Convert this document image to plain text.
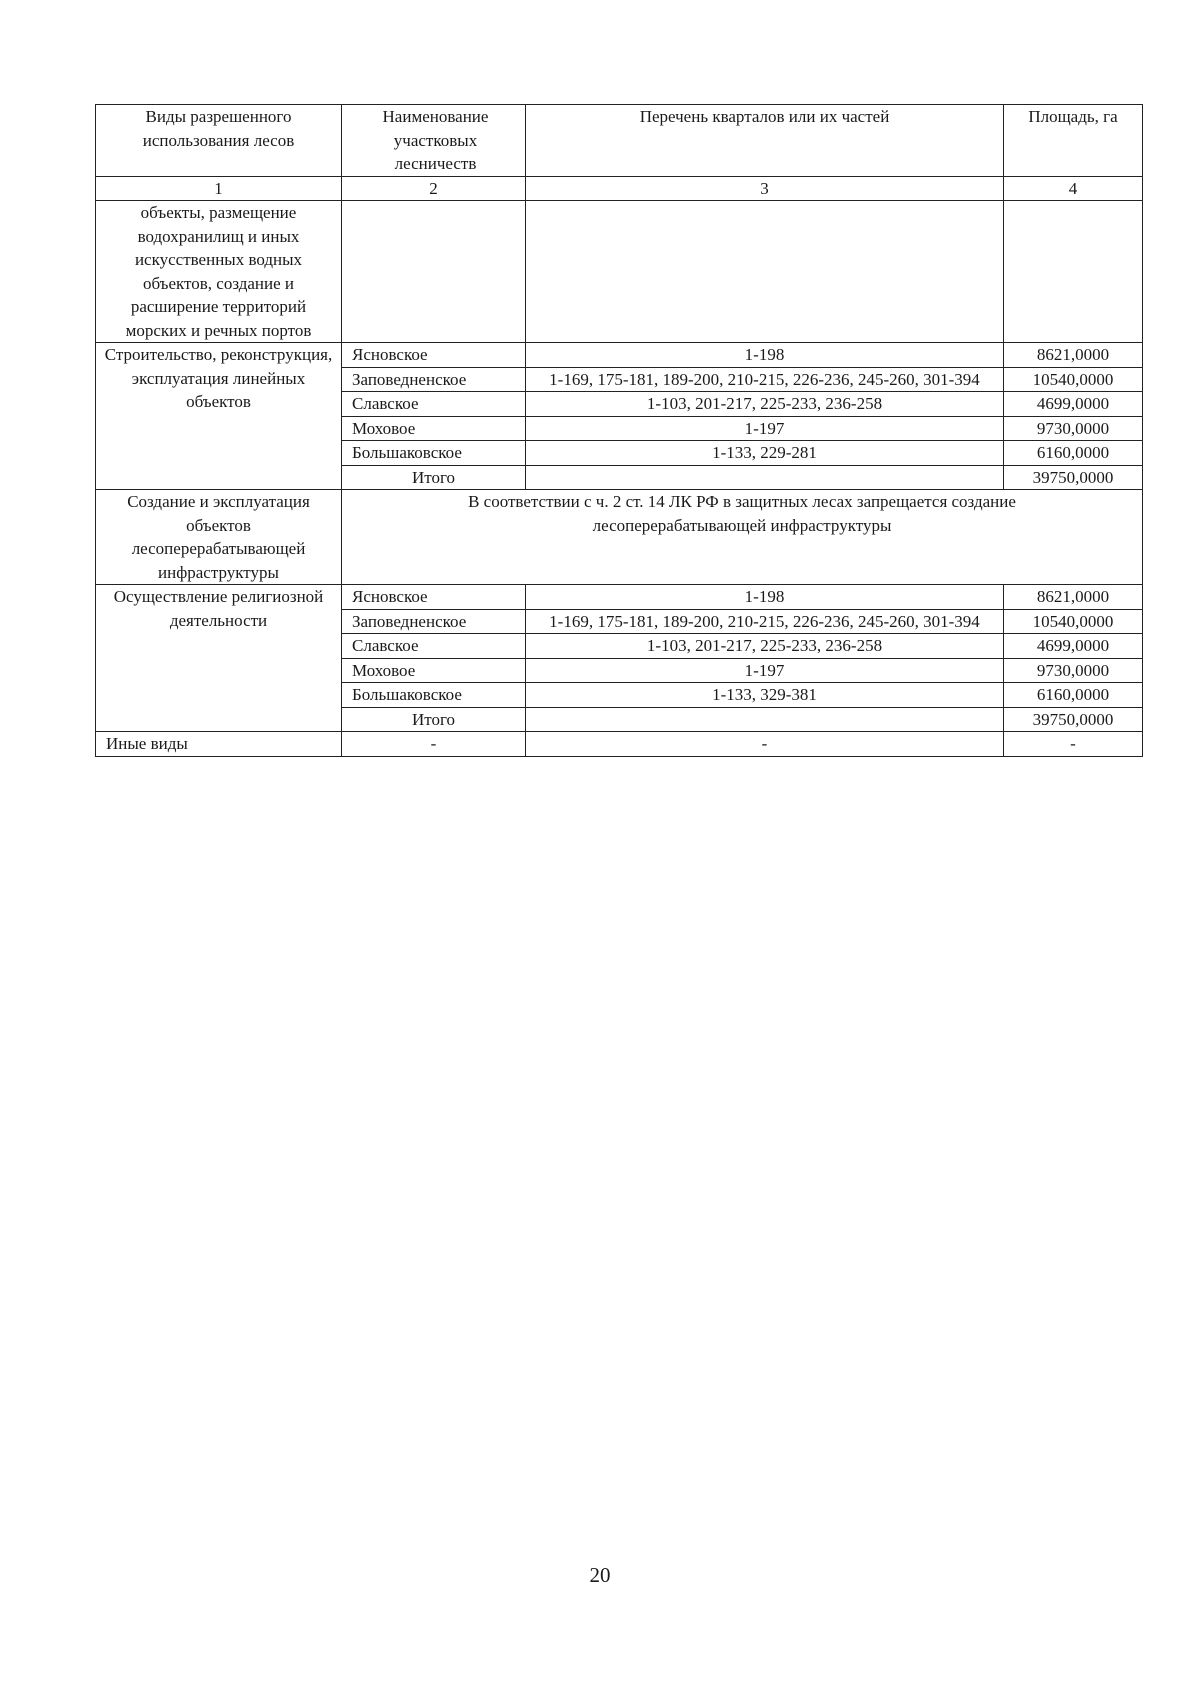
Виды разрешенного использования лесов	Наименование участковых лесничеств	Перечень кварталов или их частей	Площадь, га
1	2	3	4
объекты, размещение водохранилищ и иных искусственных водных объектов, создание и расширение территорий морских и речных портов			
Строительство, реконструкция, эксплуатация линейных объектов	Ясновское	1-198	8621,0000
	Заповедненское	1-169, 175-181, 189-200, 210-215, 226-236, 245-260, 301-394	10540,0000
	Славское	1-103, 201-217, 225-233, 236-258	4699,0000
	Моховое	1-197	9730,0000
	Большаковское	1-133, 229-281	6160,0000
	Итого		39750,0000
Создание и эксплуатация объектов лесоперерабатывающей инфраструктуры	В соответствии с ч. 2 ст. 14 ЛК РФ в защитных лесах запрещается создание лесоперерабатывающей инфраструктуры		
Осуществление религиозной деятельности	Ясновское	1-198	8621,0000
	Заповедненское	1-169, 175-181, 189-200, 210-215, 226-236, 245-260, 301-394	10540,0000
	Славское	1-103, 201-217, 225-233, 236-258	4699,0000
	Моховое	1-197	9730,0000
	Большаковское	1-133, 329-381	6160,0000
	Итого		39750,0000
Иные виды	-	-	-
20
